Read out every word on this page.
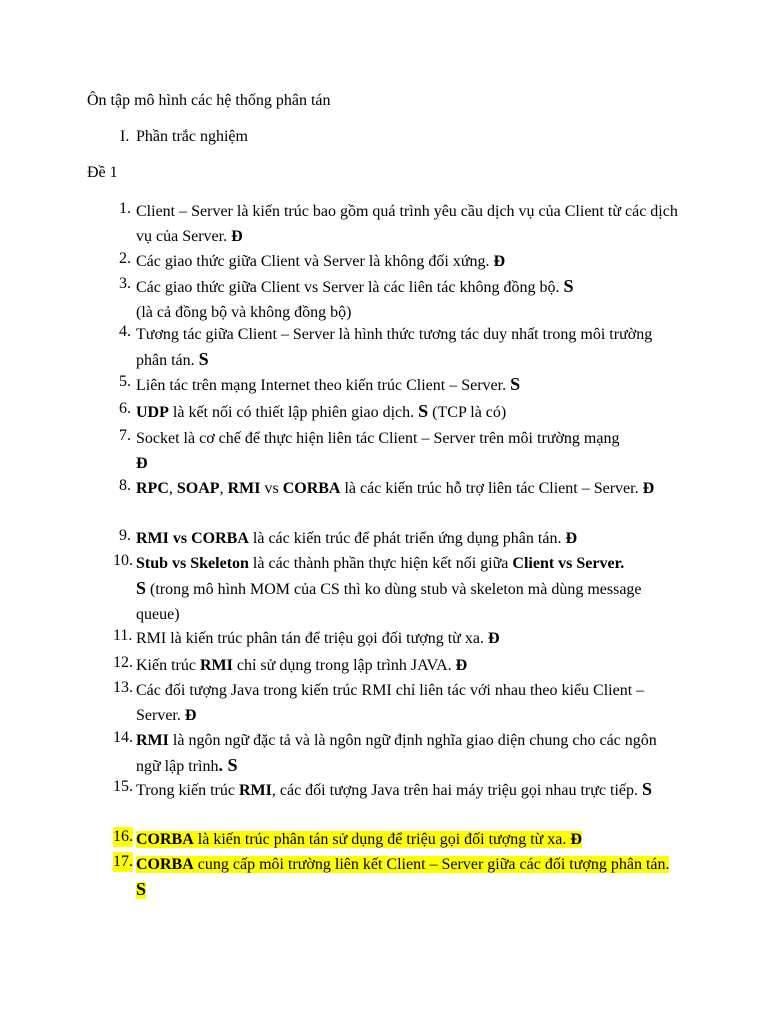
Ôn tập mô hình các hệ thống phân tán
I. Phần trắc nghiệm
Đề 1
1. Client – Server là kiến trúc bao gồm quá trình yêu cầu dịch vụ của Client từ các dịch vụ của Server. Đ
2. Các giao thức giữa Client và Server là không đối xứng. Đ
3. Các giao thức giữa Client vs Server là các liên tác không đồng bộ. S
(là cả đồng bộ và không đồng bộ)
4. Tương tác giữa Client – Server là hình thức tương tác duy nhất trong môi trường phân tán. S
5. Liên tác trên mạng Internet theo kiến trúc Client – Server. S
6. UDP là kết nối có thiết lập phiên giao dịch. S (TCP là có)
7. Socket là cơ chế để thực hiện liên tác Client – Server trên môi trường mạng
Đ
8. RPC, SOAP, RMI vs CORBA là các kiến trúc hỗ trợ liên tác Client – Server. Đ
9. RMI vs CORBA là các kiến trúc để phát triển ứng dụng phân tán. Đ
10. Stub vs Skeleton là các thành phần thực hiện kết nối giữa Client vs Server.
S (trong mô hình MOM của CS thì ko dùng stub và skeleton mà dùng message queue)
11. RMI là kiến trúc phân tán để triệu gọi đối tượng từ xa. Đ
12. Kiến trúc RMI chỉ sử dụng trong lập trình JAVA. Đ
13. Các đối tượng Java trong kiến trúc RMI chỉ liên tác với nhau theo kiểu Client – Server. Đ
14. RMI là ngôn ngữ đặc tả và là ngôn ngữ định nghĩa giao diện chung cho các ngôn ngữ lập trình. S
15. Trong kiến trúc RMI, các đối tượng Java trên hai máy triệu gọi nhau trực tiếp. S
16. CORBA là kiến trúc phân tán sử dụng để triệu gọi đối tượng từ xa. Đ
17. CORBA cung cấp môi trường liên kết Client – Server giữa các đối tượng phân tán. S
